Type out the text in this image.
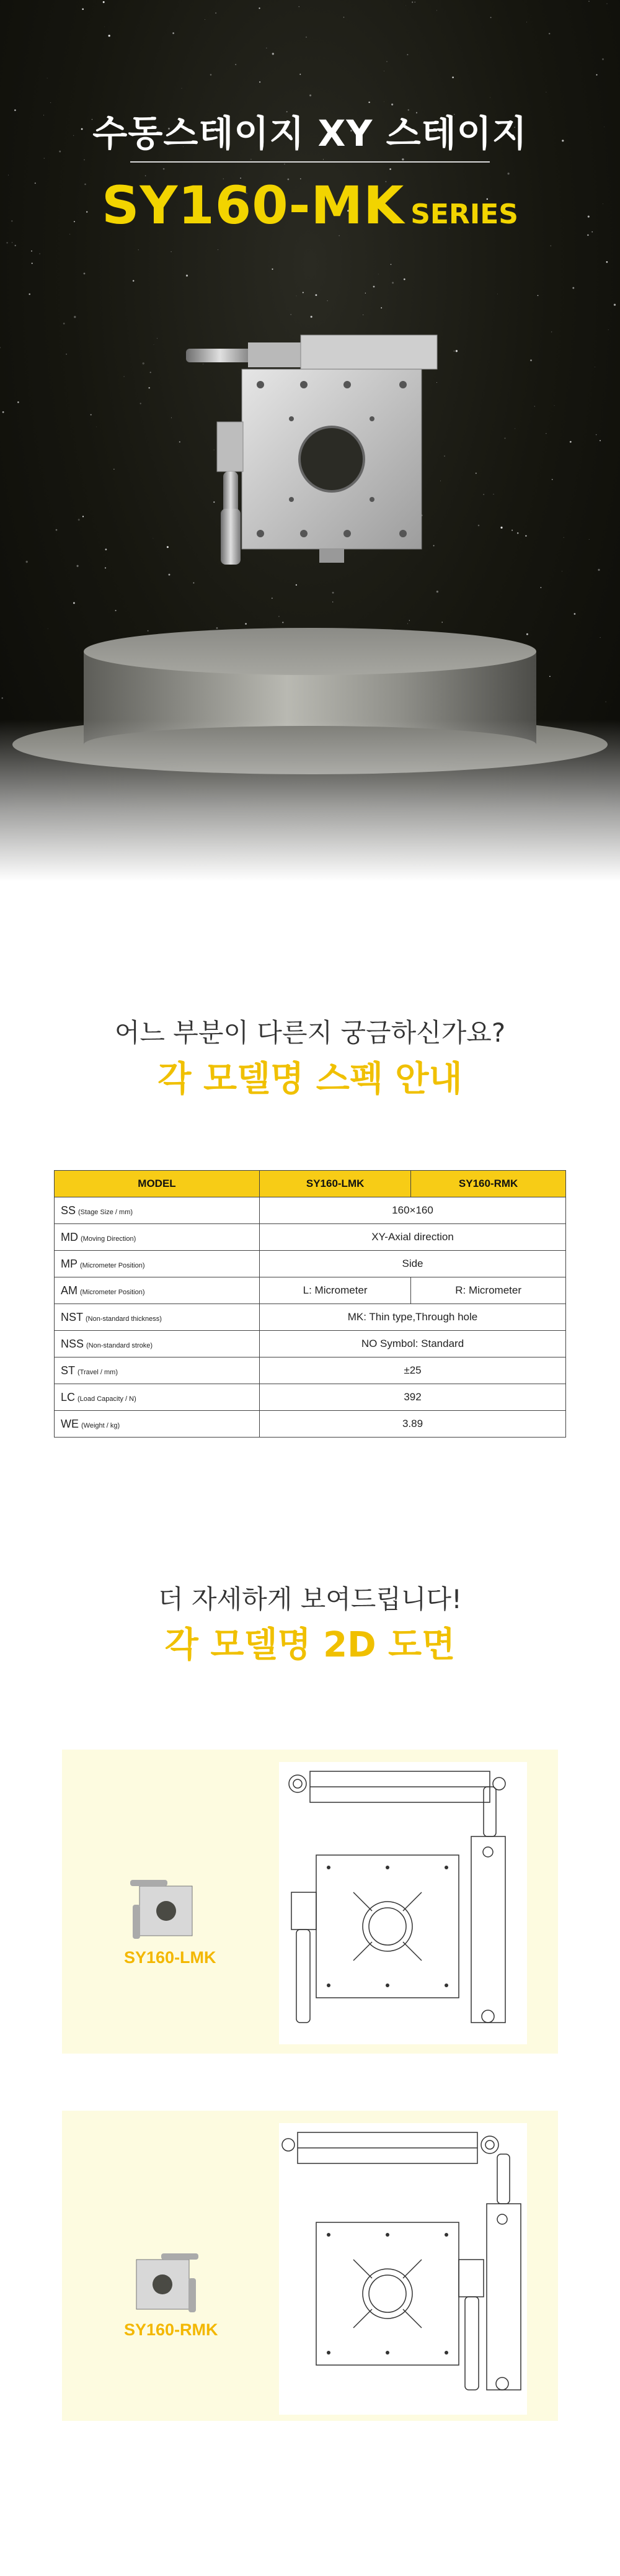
수동스테이지 XY 스테이지
SY160-MK SERIES
어느 부분이 다른지 궁금하신가요?
각 모델명 스펙 안내
MODEL	SY160-LMK	SY160-RMK
SS (Stage Size / mm)	160×160	
MD (Moving Direction)	XY-Axial direction	
MP (Micrometer Position)	Side	
AM (Micrometer Position)	L: Micrometer	R: Micrometer
NST (Non-standard thickness)	MK: Thin type,Through hole	
NSS (Non-standard stroke)	NO Symbol: Standard	
ST (Travel / mm)	±25	
LC (Load Capacity / N)	392	
WE (Weight / kg)	3.89	
더 자세하게 보여드립니다!
각 모델명 2D 도면
SY160-LMK
SY160-RMK
